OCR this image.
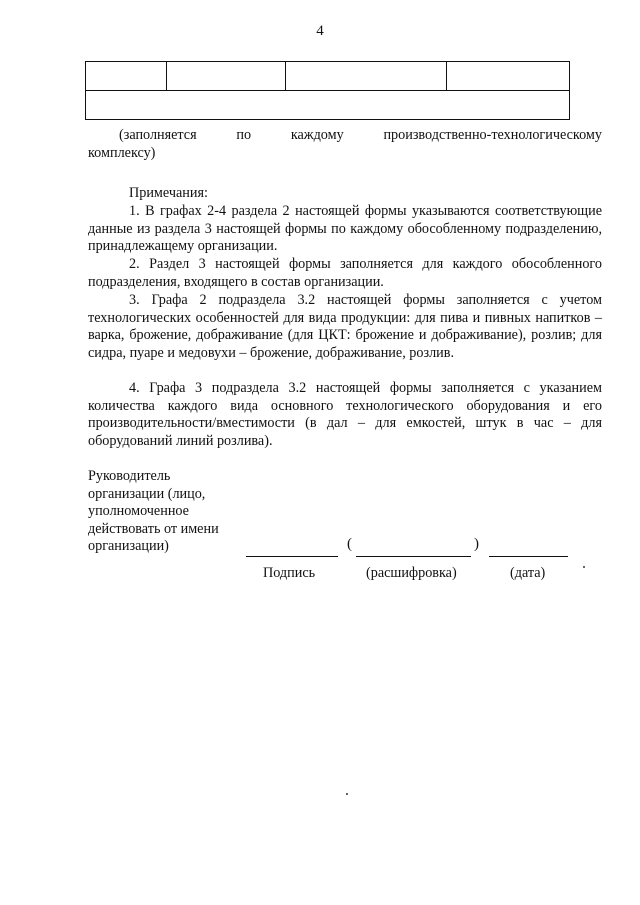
4

(заполняется по каждому производственно-технологическому
комплексу)
Примечания:
1. В графах 2-4 раздела 2 настоящей формы указываются соответствующие данные из раздела 3 настоящей формы по каждому обособленному подразделению, принадлежащему организации.
2. Раздел 3 настоящей формы заполняется для каждого обособленного подразделения, входящего в состав организации.
3. Графа 2 подраздела 3.2 настоящей формы заполняется с учетом технологических особенностей для вида продукции: для пива и пивных напитков – варка, брожение, дображивание (для ЦКТ: брожение и дображивание), розлив; для сидра, пуаре и медовухи – брожение, дображивание, розлив.
4. Графа 3 подраздела 3.2 настоящей формы заполняется с указанием количества каждого вида основного технологического оборудования и его производительности/вместимости (в дал – для емкостей, штук в час – для оборудований линий розлива).
Руководитель организации (лицо, уполномоченное действовать от имени организации)	(	)
Подпись	(расшифровка)	(дата)
